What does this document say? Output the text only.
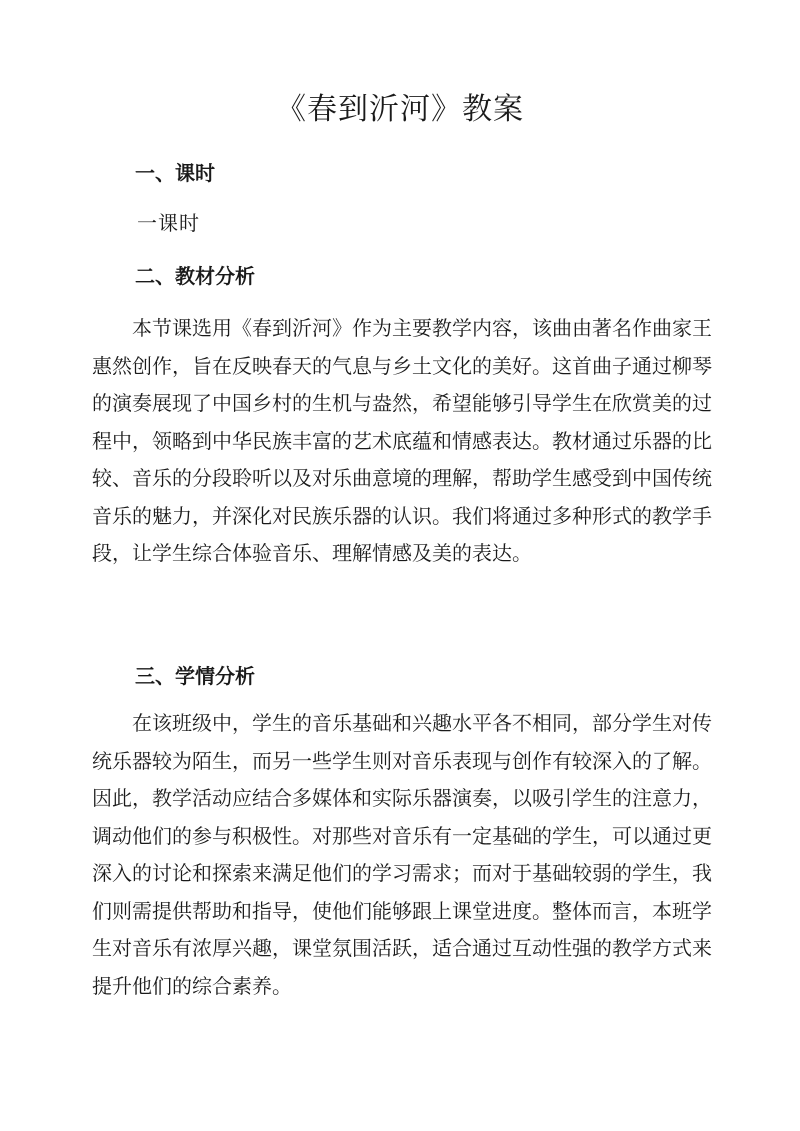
《春到沂河》教案
一、课时

一课时

二、教材分析

本节课选用《春到沂河》作为主要教学内容，该曲由著名作曲家王惠然创作，旨在反映春天的气息与乡土文化的美好。这首曲子通过柳琴的演奏展现了中国乡村的生机与盎然，希望能够引导学生在欣赏美的过程中，领略到中华民族丰富的艺术底蕴和情感表达。教材通过乐器的比较、音乐的分段聆听以及对乐曲意境的理解，帮助学生感受到中国传统音乐的魅力，并深化对民族乐器的认识。我们将通过多种形式的教学手段，让学生综合体验音乐、理解情感及美的表达。

三、学情分析

在该班级中，学生的音乐基础和兴趣水平各不相同，部分学生对传统乐器较为陌生，而另一些学生则对音乐表现与创作有较深入的了解。因此，教学活动应结合多媒体和实际乐器演奏，以吸引学生的注意力，调动他们的参与积极性。对那些对音乐有一定基础的学生，可以通过更深入的讨论和探索来满足他们的学习需求；而对于基础较弱的学生，我们则需提供帮助和指导，使他们能够跟上课堂进度。整体而言，本班学生对音乐有浓厚兴趣，课堂氛围活跃，适合通过互动性强的教学方式来提升他们的综合素养。
